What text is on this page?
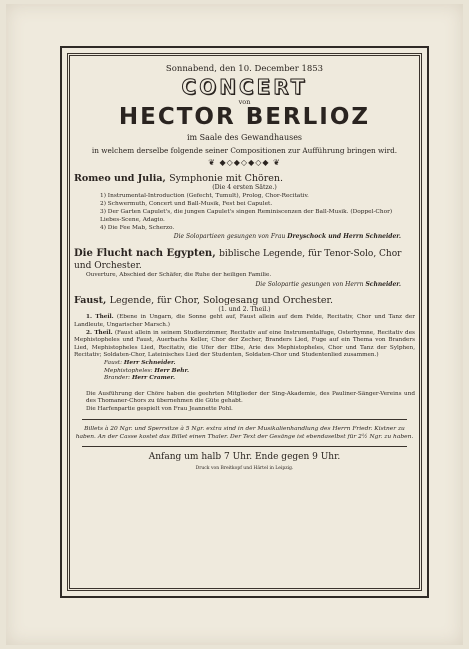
Sonnabend, den 10. December 1853
CONCERT
von
HECTOR BERLIOZ
im Saale des Gewandhauses
in welchem derselbe folgende seiner Compositionen zur Aufführung bringen wird.
❦ ◆◇◆◇◆◇◆ ❦
Romeo und Julia, Symphonie mit Chören.
(Die 4 ersten Sätze.)
1) Instrumental-Introduction (Gefecht, Tumult), Prolog, Chor-Recitativ.
2) Schwermuth, Concert und Ball-Musik, Fest bei Capulet.
3) Der Garten Capulet's, die jungen Capulet's singen Reminiscenzen der Ball-Musik. (Doppel-Chor) Liebes-Scene, Adagio.
4) Die Fee Mab, Scherzo.
Die Solopartieen gesungen von Frau Dreyschock und Herrn Schneider.
Die Flucht nach Egypten, biblische Legende, für Tenor-Solo, Chor und Orchester.
Ouverture, Abschied der Schäfer, die Ruhe der heiligen Familie.
Die Solopartie gesungen von Herrn Schneider.
Faust, Legende, für Chor, Sologesang und Orchester.
(1. und 2. Theil.)
1. Theil. (Ebene in Ungarn, die Sonne geht auf, Faust allein auf dem Felde, Recitativ, Chor und Tanz der Landleute, Ungarischer Marsch.)
2. Theil. (Faust allein in seinem Studierzimmer, Recitativ auf eine Instrumentalfuge, Osterhymne, Recitativ des Mephistopheles und Faust, Auerbachs Keller, Chor der Zecher, Branders Lied, Fuge auf ein Thema von Branders Lied, Mephistopheles Lied, Recitativ, die Ufer der Elbe, Arie des Mephistopheles, Chor und Tanz der Sylphen, Recitativ; Soldaten-Chor, Lateinisches Lied der Studenten, Soldaten-Chor und Studentenlied zusammen.)
Faust: Herr Schneider.
Mephistopheles: Herr Behr.
Brander: Herr Cramer.
Die Ausführung der Chöre haben die geehrten Mitglieder der Sing-Akademie, des Pauliner-Sänger-Vereins und des Thomaner-Chors zu übernehmen die Güte gehabt.
Die Harfenpartie gespielt von Frau Jeannette Pohl.
Billets à 20 Ngr. und Sperrsitze à 5 Ngr. extra sind in der Musikalienhandlung des Herrn Friedr. Kistner zu haben. An der Casse kostet das Billet einen Thaler. Der Text der Gesänge ist ebendaselbst für 2½ Ngr. zu haben.
Anfang um halb 7 Uhr. Ende gegen 9 Uhr.
Druck von Breitkopf und Härtel in Leipzig.
